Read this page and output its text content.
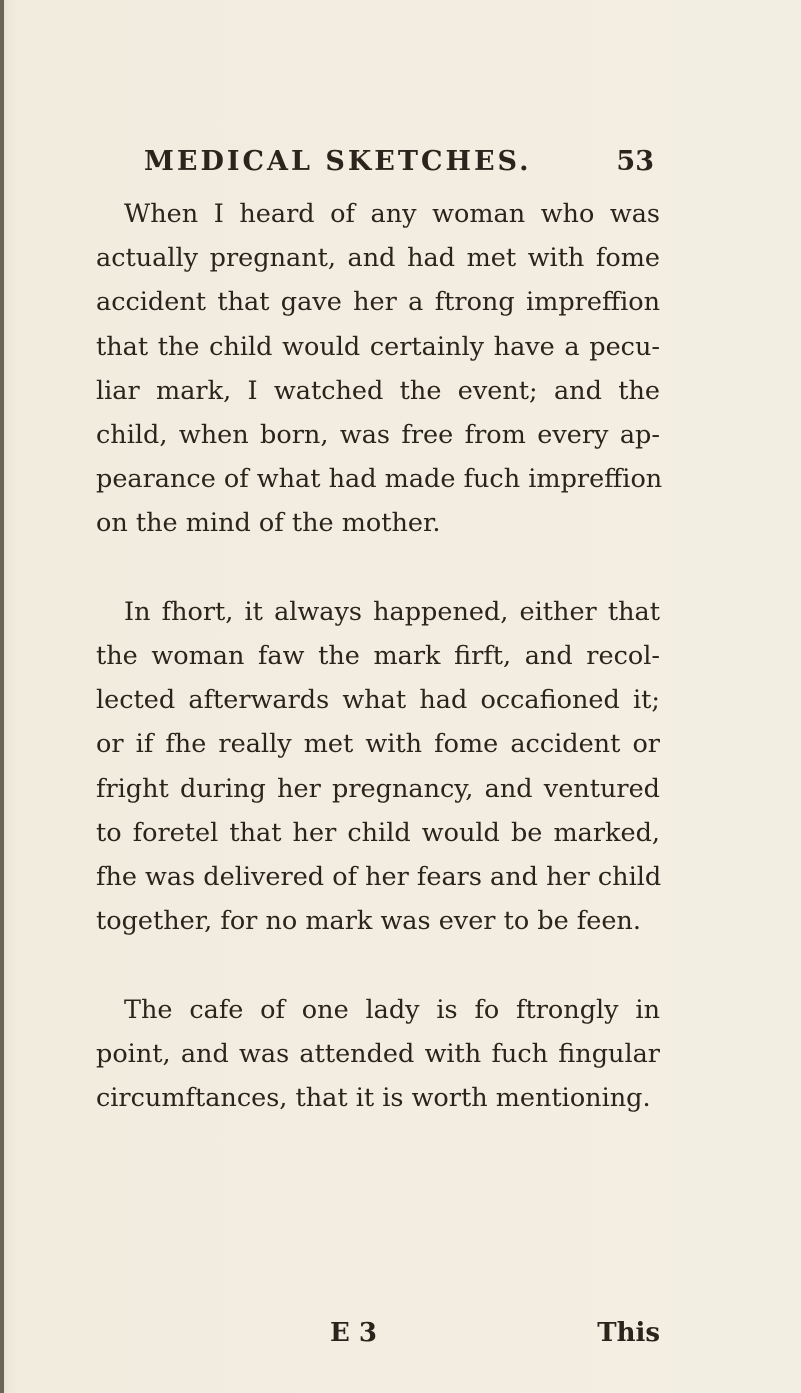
MEDICAL SKETCHES.	53

When I heard of any woman who was
actually pregnant, and had met with fome
accident that gave her a ftrong impreffion
that the child would certainly have a pecu-
liar mark, I watched the event; and the
child, when born, was free from every ap-
pearance of what had made fuch impreffion
on the mind of the mother.

In fhort, it always happened, either that
the woman faw the mark firft, and recol-
lected afterwards what had occafioned it;
or if fhe really met with fome accident or
fright during her pregnancy, and ventured
to foretel that her child would be marked,
fhe was delivered of her fears and her child
together, for no mark was ever to be feen.

The cafe of one lady is fo ftrongly in
point, and was attended with fuch fingular
circumftances, that it is worth mentioning.

E 3	This
